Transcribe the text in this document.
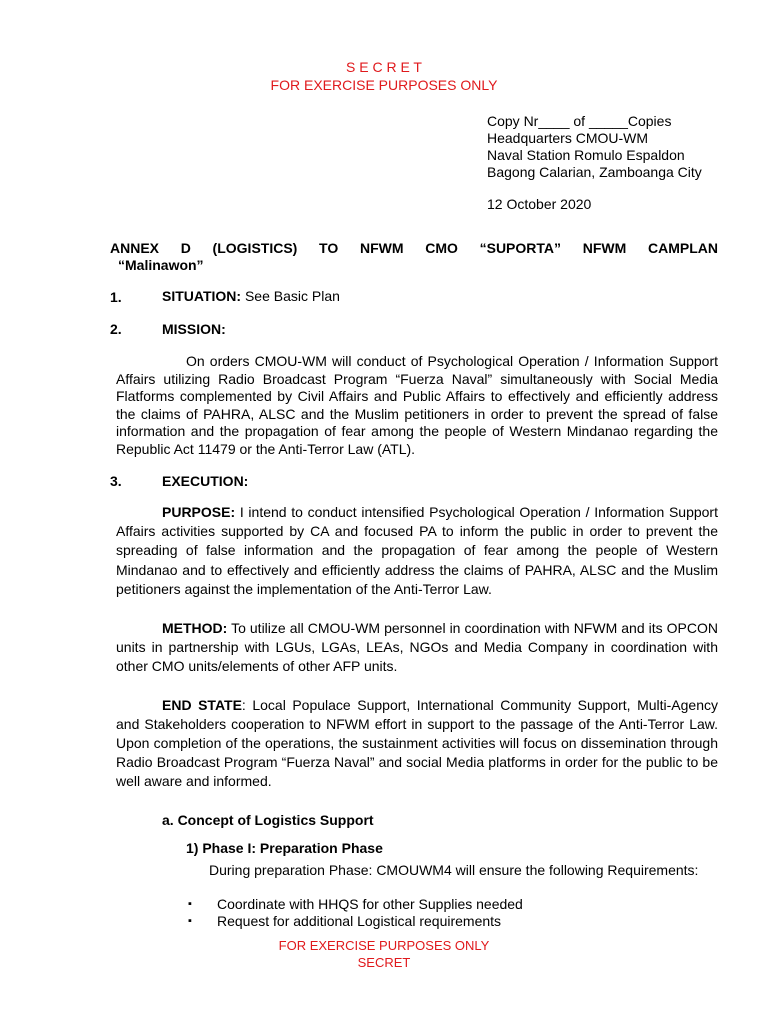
S E C R E T
FOR EXERCISE PURPOSES ONLY
Copy Nr____ of _____Copies
Headquarters CMOU-WM
Naval Station Romulo Espaldon
Bagong Calarian, Zamboanga City
12 October 2020
ANNEX D (LOGISTICS) TO NFWM CMO “SUPORTA” NFWM CAMPLAN
“Malinawon”
1.	SITUATION: See Basic Plan
2.	MISSION:
On orders CMOU-WM will conduct of Psychological Operation / Information Support Affairs utilizing Radio Broadcast Program “Fuerza Naval” simultaneously with Social Media Flatforms complemented by Civil Affairs and Public Affairs to effectively and efficiently address the claims of PAHRA, ALSC and the Muslim petitioners in order to prevent the spread of false information and the propagation of fear among the people of Western Mindanao regarding the Republic Act 11479 or the Anti-Terror Law (ATL).
3.	EXECUTION:
PURPOSE: I intend to conduct intensified Psychological Operation / Information Support Affairs activities supported by CA and focused PA to inform the public in order to prevent the spreading of false information and the propagation of fear among the people of Western Mindanao and to effectively and efficiently address the claims of PAHRA, ALSC and the Muslim petitioners against the implementation of the Anti-Terror Law.
METHOD: To utilize all CMOU-WM personnel in coordination with NFWM and its OPCON units in partnership with LGUs, LGAs, LEAs, NGOs and Media Company in coordination with other CMO units/elements of other AFP units.
END STATE: Local Populace Support, International Community Support, Multi-Agency and Stakeholders cooperation to NFWM effort in support to the passage of the Anti-Terror Law. Upon completion of the operations, the sustainment activities will focus on dissemination through Radio Broadcast Program “Fuerza Naval” and social Media platforms in order for the public to be well aware and informed.
a. Concept of Logistics Support
1) Phase I: Preparation Phase
During preparation Phase: CMOUWM4 will ensure the following Requirements:
▪ Coordinate with HHQS for other Supplies needed
▪ Request for additional Logistical requirements
FOR EXERCISE PURPOSES ONLY
SECRET
